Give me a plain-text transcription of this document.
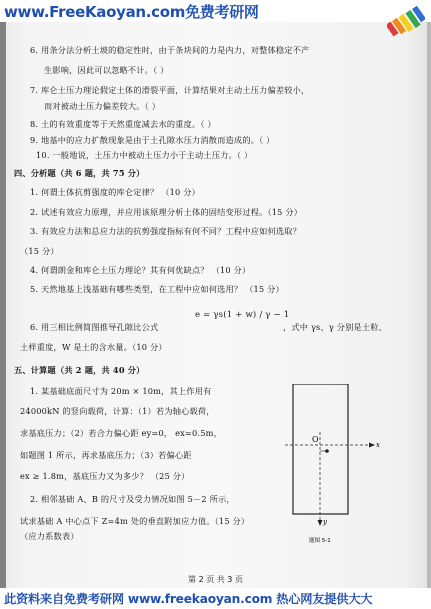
www.FreeKaoyan.com免费考研网
6. 用条分法分析土坡的稳定性时，由于条块间的力是内力，对整体稳定不产
生影响，因此可以忽略不计。（ ）
7. 库仑土压力理论假定土体的滑裂平面，计算结果对主动土压力偏差较小，
而对被动土压力偏差较大。（ ）
8. 土的有效重度等于天然重度减去水的重度。（ ）
9. 地基中的应力扩散现象是由于土孔隙水压力消散而造成的。（ ）
10. 一般地说，土压力中被动土压力小于主动土压力。（ ）
四、分析题（共 6 题，共 75 分）
1. 何谓土体抗剪强度的库仑定律？ （10 分）
2. 试述有效应力原理，并应用该原理分析土体的固结变形过程。（15 分）
3. 有效应力法和总应力法的抗剪强度指标有何不同？工程中应如何选取？
（15 分）
4. 何谓朗金和库仑土压力理论？其有何优缺点？ （10 分）
5. 天然地基上浅基础有哪些类型，在工程中应如何选用？ （15 分）
e = γs(1 + w) / γ − 1
6. 用三相比例简图推导孔隙比公式	，式中 γs、γ 分别是土粒、
土样重度，W 是土的含水量。（10 分）
五、计算题（共 2 题，共 40 分）
1. 某基础底面尺寸为 20m × 10m，其上作用有
24000kN 的竖向载荷，计算：（1）若为轴心载荷，
求基底压力；（2）若合力偏心距 ey=0， ex=0.5m，
如题图 1 所示，再求基底压力；（3）若偏心距
ex ≥ 1.8m，基底压力又为多少？ （25 分）
2. 相邻基础 A、B 的尺寸及受力情况如图 5－2 所示，
试求基础 A 中心点下 Z=4m 处的垂直附加应力值。（15 分）
（应力系数表）
O
x
y
题图 5-1
第 2 页 共 3 页
此资料来自免费考研网 www.freekaoyan.com 热心网友提供大大
